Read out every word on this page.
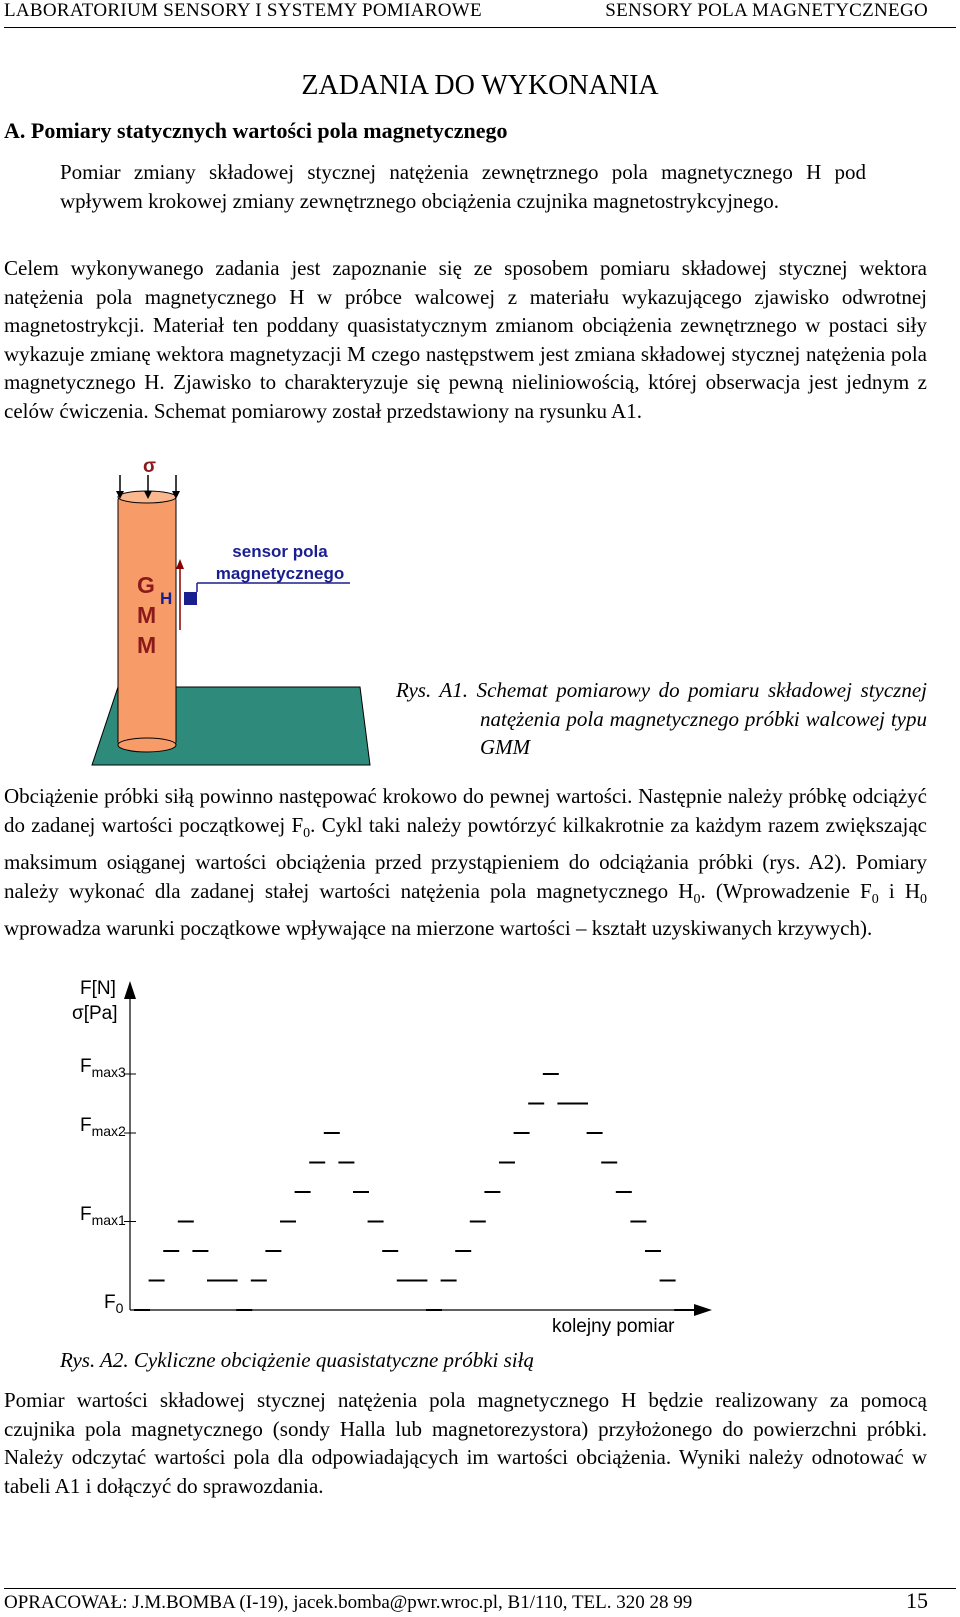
LABORATORIUM SENSORY I SYSTEMY POMIAROWE	SENSORY POLA MAGNETYCZNEGO
ZADANIA DO WYKONANIA
A. Pomiary statycznych wartości pola magnetycznego

Pomiar zmiany składowej stycznej natężenia zewnętrznego pola magnetycznego H pod wpływem krokowej zmiany zewnętrznego obciążenia czujnika magnetostrykcyjnego.

Celem wykonywanego zadania jest zapoznanie się ze sposobem pomiaru składowej stycznej wektora natężenia pola magnetycznego H w próbce walcowej z materiału wykazującego zjawisko odwrotnej magnetostrykcji. Materiał ten poddany quasistatycznym zmianom obciążenia zewnętrznego w postaci siły wykazuje zmianę wektora magnetyzacji M czego następstwem jest zmiana składowej stycznej natężenia pola magnetycznego H. Zjawisko to charakteryzuje się pewną nieliniowością, której obserwacja jest jednym z celów ćwiczenia. Schemat pomiarowy został przedstawiony na rysunku A1.

σ
G
M
M
H
sensor pola
magnetycznego

Rys. A1. Schemat pomiarowy do pomiaru składowej stycznej natężenia pola magnetycznego próbki walcowej typu GMM

Obciążenie próbki siłą powinno następować krokowo do pewnej wartości. Następnie należy próbkę odciążyć do zadanej wartości początkowej $F_0$. Cykl taki należy powtórzyć kilkakrotnie za każdym razem zwiększając maksimum osiąganej wartości obciążenia przed przystąpieniem do odciążania próbki (rys. A2). Pomiary należy wykonać dla zadanej stałej wartości natężenia pola magnetycznego $H_0$. (Wprowadzenie $F_0$ i $H_0$ wprowadza warunki początkowe wpływające na mierzone wartości – kształt uzyskiwanych krzywych).

F[N]
σ[Pa]
$F_{max3}$
$F_{max2}$
$F_{max1}$
$F_0$
kolejny pomiar

Rys. A2. Cykliczne obciążenie quasistatyczne próbki siłą

Pomiar wartości składowej stycznej natężenia pola magnetycznego H będzie realizowany za pomocą czujnika pola magnetycznego (sondy Halla lub magnetorezystora) przyłożonego do powierzchni próbki. Należy odczytać wartości pola dla odpowiadających im wartości obciążenia. Wyniki należy odnotować w tabeli A1 i dołączyć do sprawozdania.

OPRACOWAŁ: J.M.BOMBA (I-19), jacek.bomba@pwr.wroc.pl, B1/110, TEL. 320 28 99	15
